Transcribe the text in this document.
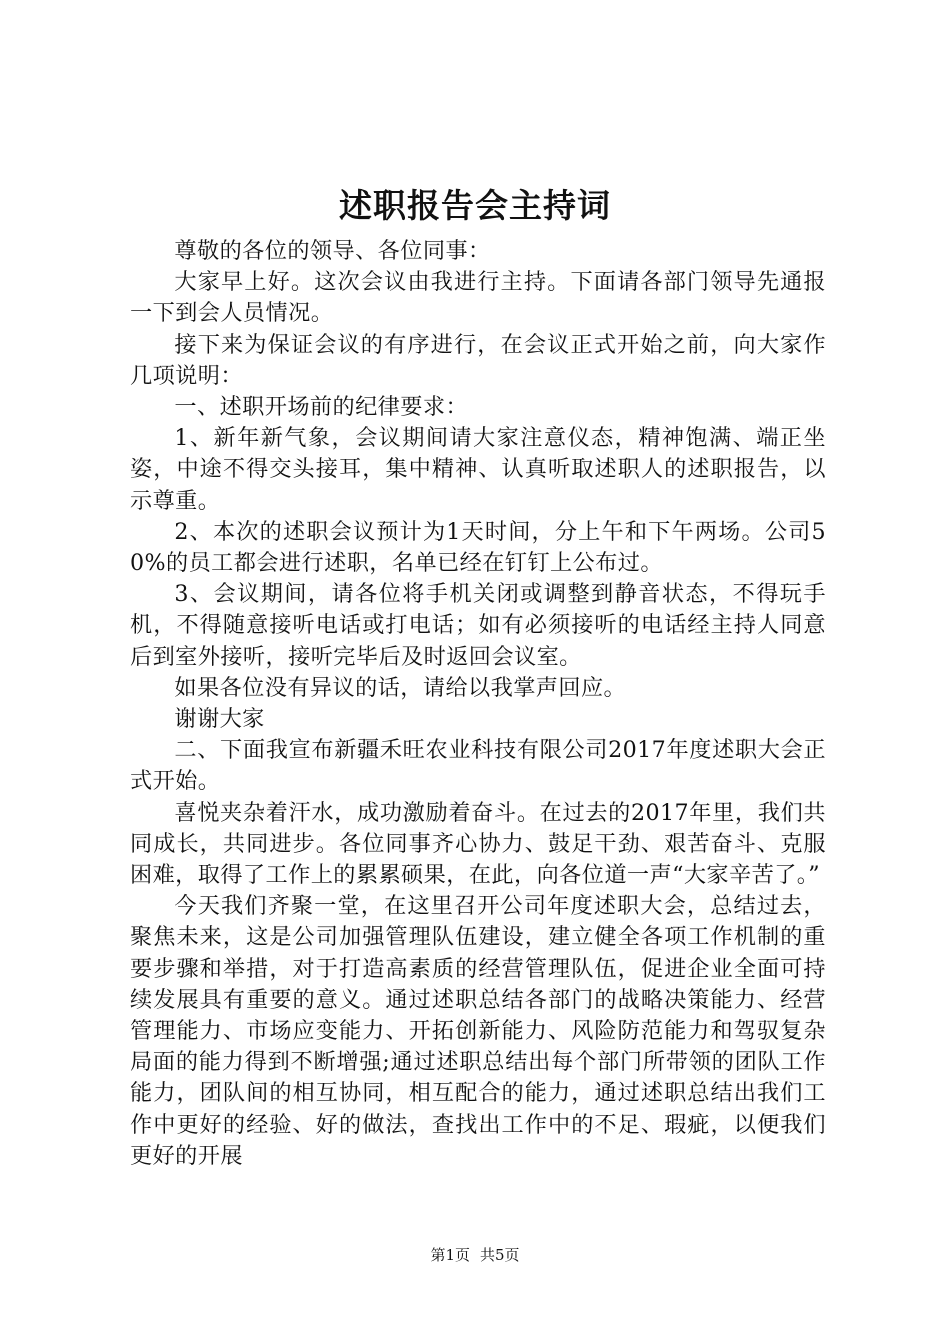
述职报告会主持词

尊敬的各位的领导、各位同事：

大家早上好。这次会议由我进行主持。下面请各部门领导先通报一下到会人员情况。

接下来为保证会议的有序进行，在会议正式开始之前，向大家作几项说明：

一、述职开场前的纪律要求：

1、新年新气象，会议期间请大家注意仪态，精神饱满、端正坐姿，中途不得交头接耳，集中精神、认真听取述职人的述职报告，以示尊重。

2、本次的述职会议预计为1天时间，分上午和下午两场。公司50%的员工都会进行述职，名单已经在钉钉上公布过。

3、会议期间，请各位将手机关闭或调整到静音状态，不得玩手机，不得随意接听电话或打电话；如有必须接听的电话经主持人同意后到室外接听，接听完毕后及时返回会议室。

如果各位没有异议的话，请给以我掌声回应。

谢谢大家

二、下面我宣布新疆禾旺农业科技有限公司2017年度述职大会正式开始。

喜悦夹杂着汗水，成功激励着奋斗。在过去的2017年里，我们共同成长，共同进步。各位同事齐心协力、鼓足干劲、艰苦奋斗、克服困难，取得了工作上的累累硕果，在此，向各位道一声“大家辛苦了。”

今天我们齐聚一堂，在这里召开公司年度述职大会，总结过去，聚焦未来，这是公司加强管理队伍建设，建立健全各项工作机制的重要步骤和举措，对于打造高素质的经营管理队伍，促进企业全面可持续发展具有重要的意义。通过述职总结各部门的战略决策能力、经营管理能力、市场应变能力、开拓创新能力、风险防范能力和驾驭复杂局面的能力得到不断增强;通过述职总结出每个部门所带领的团队工作能力，团队间的相互协同，相互配合的能力，通过述职总结出我们工作中更好的经验、好的做法，查找出工作中的不足、瑕疵，以便我们更好的开展

第1页 共5页
